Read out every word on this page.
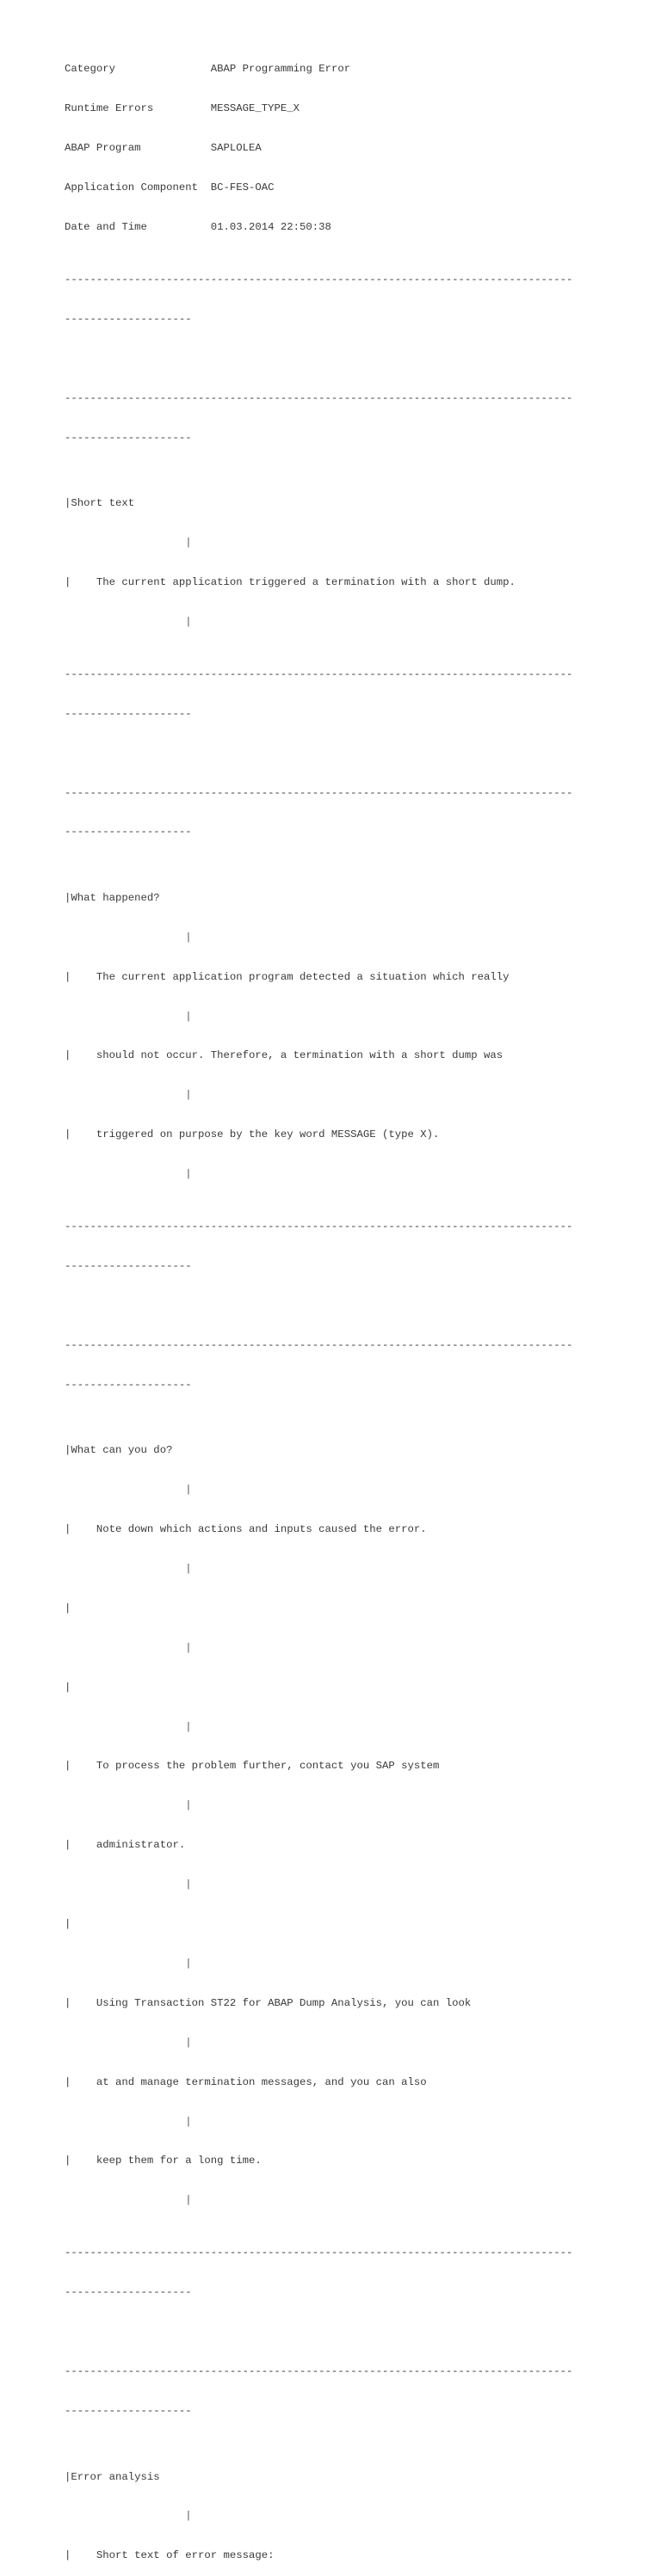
Category	ABAP Programming Error

Runtime Errors	MESSAGE_TYPE_X

ABAP Program	SAPLOLEA

Application Component BC-FES-OAC

Date and Time	01.03.2014 22:50:38

--------------------------------------------------------------------------------

--------------------

--------------------------------------------------------------------------------

--------------------

|Short text

|

|    The current application triggered a termination with a short dump.

|

--------------------------------------------------------------------------------

--------------------

--------------------------------------------------------------------------------

--------------------

|What happened?

|

|    The current application program detected a situation which really

|

|    should not occur. Therefore, a termination with a short dump was

|

|    triggered on purpose by the key word MESSAGE (type X).

|

--------------------------------------------------------------------------------

--------------------

--------------------------------------------------------------------------------

--------------------

|What can you do?

|

|    Note down which actions and inputs caused the error.

|

|

|

|

|

|    To process the problem further, contact you SAP system

|

|    administrator.

|

|

|

|    Using Transaction ST22 for ABAP Dump Analysis, you can look

|

|    at and manage termination messages, and you can also

|

|    keep them for a long time.

|

--------------------------------------------------------------------------------

--------------------

--------------------------------------------------------------------------------

--------------------

|Error analysis

|

|    Short text of error message:
